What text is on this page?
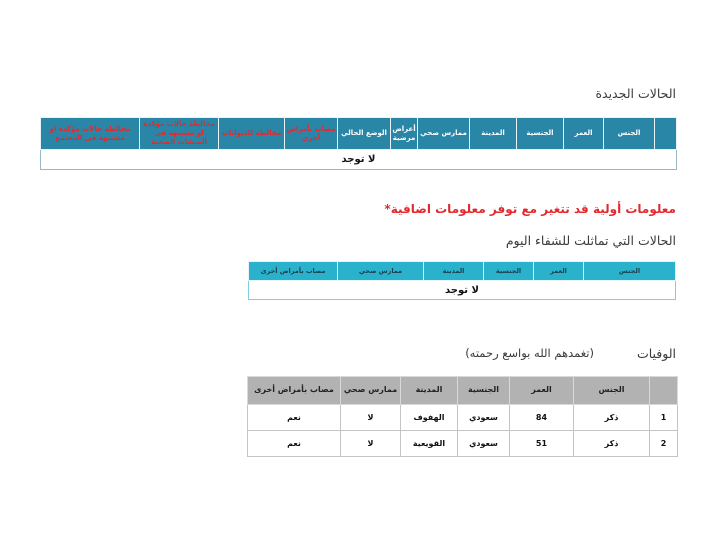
الحالات الجديدة
	الجنس	العمر	الجنسية	المدينة	ممارس صحي	أعراض مرضية	الوضع الحالي	مصاب بأمراض أخرى	مخالطة للديوانات	مخالطة حالات مؤكدة او مشتبهة في المنشات الصحية	مخالطة حالات مؤكدة او مشتبهة في المجتمع
لا توجد
معلومات أولية قد تتغير مع توفر معلومات اضافية*
الحالات التي تماثلت للشفاء اليوم
الجنس	العمر	الجنسية	المدينة	ممارس صحي	مصاب بأمراض أخرى
لا توجد
الوفيات
(تغمدهم الله بواسع رحمته)
	الجنس	العمر	الجنسية	المدينة	ممارس صحي	مصاب بأمراض أخرى
1	ذكر	84	سعودي	الهفوف	لا	نعم
2	ذكر	51	سعودي	القويعية	لا	نعم
